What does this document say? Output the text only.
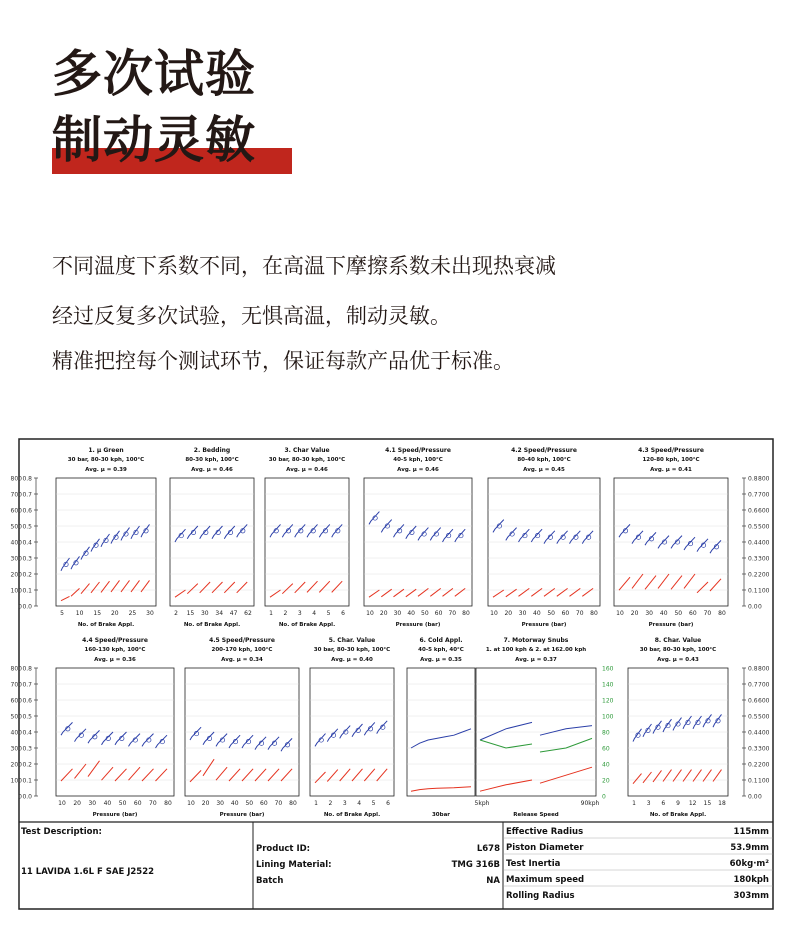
多次试验
制动灵敏
不同温度下系数不同，在高温下摩擦系数未出现热衰减
经过反复多次试验，无惧高温，制动灵敏。
精准把控每个测试环节，保证每款产品优于标准。
0.8
0.7
0.6
0.5
0.4
0.3
0.2
0.1
0.0
800
700
600
500
400
300
200
100
0
0.8
0.7
0.6
0.5
0.4
0.3
0.2
0.1
0.0
800
700
600
500
400
300
200
100
0
0.8
0.7
0.6
0.5
0.4
0.3
0.2
0.1
0.0
800
700
600
500
400
300
200
100
0
0.8
0.7
0.6
0.5
0.4
0.3
0.2
0.1
0.0
800
700
600
500
400
300
200
100
0
160
140
120
100
80
60
40
20
0
1. μ Green
30 bar, 80-30 kph, 100°C
Avg. μ = 0.39
5 10 15 20 25 30
No. of Brake Appl.
2. Bedding
80-30 kph, 100°C
Avg. μ = 0.46
2 15 30 34 47 62
No. of Brake Appl.
3. Char Value
30 bar, 80-30 kph, 100°C
Avg. μ = 0.46
1 2 3 4 5 6
No. of Brake Appl.
4.1 Speed/Pressure
40-5 kph, 100°C
Avg. μ = 0.46
10 20 30 40 50 60 70 80
Pressure (bar)
4.2 Speed/Pressure
80-40 kph, 100°C
Avg. μ = 0.45
10 20 30 40 50 60 70 80
Pressure (bar)
4.3 Speed/Pressure
120-80 kph, 100°C
Avg. μ = 0.41
10 20 30 40 50 60 70 80
Pressure (bar)
4.4 Speed/Pressure
160-130 kph, 100°C
Avg. μ = 0.36
10 20 30 40 50 60 70 80
Pressure (bar)
4.5 Speed/Pressure
200-170 kph, 100°C
Avg. μ = 0.34
10 20 30 40 50 60 70 80
Pressure (bar)
5. Char. Value
30 bar, 80-30 kph, 100°C
Avg. μ = 0.40
1 2 3 4 5 6
No. of Brake Appl.
6. Cold Appl.
40-5 kph, 40°C
Avg. μ = 0.35
30bar
7. Motorway Snubs
1. at 100 kph & 2. at 162.00 kph
Avg. μ = 0.37
5kph	90kph
Release Speed
8. Char. Value
30 bar, 80-30 kph, 100°C
Avg. μ = 0.43
1 3 6 9 12 15 18
No. of Brake Appl.
Test Description:
11 LAVIDA 1.6L F SAE J2522
Product ID:	L678
Lining Material:	TMG 316B
Batch	NA
Effective Radius	115mm
Piston Diameter	53.9mm
Test Inertia	60kg·m²
Maximum speed	180kph
Rolling Radius	303mm
